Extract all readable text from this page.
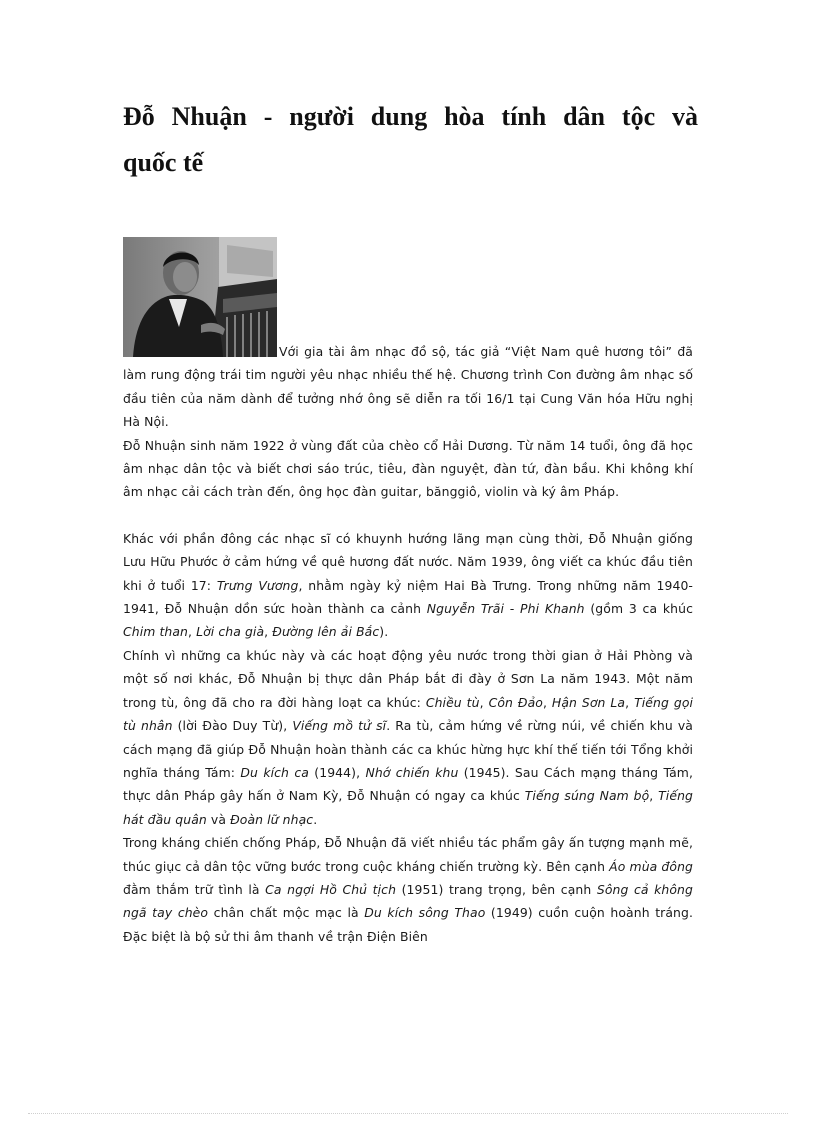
Đỗ Nhuận - người dung hòa tính dân tộc và
quốc tế

Với gia tài âm nhạc đồ sộ, tác giả “Việt Nam quê hương tôi” đã làm rung động trái tim người yêu nhạc nhiều thế hệ. Chương trình Con đường âm nhạc số đầu tiên của năm dành để tưởng nhớ ông sẽ diễn ra tối 16/1 tại Cung Văn hóa Hữu nghị Hà Nội.

Đỗ Nhuận sinh năm 1922 ở vùng đất của chèo cổ Hải Dương. Từ năm 14 tuổi, ông đã học âm nhạc dân tộc và biết chơi sáo trúc, tiêu, đàn nguyệt, đàn tứ, đàn bầu. Khi không khí âm nhạc cải cách tràn đến, ông học đàn guitar, bănggiô, violin và ký âm Pháp.

Khác với phần đông các nhạc sĩ có khuynh hướng lãng mạn cùng thời, Đỗ Nhuận giống Lưu Hữu Phước ở cảm hứng về quê hương đất nước. Năm 1939, ông viết ca khúc đầu tiên khi ở tuổi 17: Trưng Vương, nhằm ngày kỷ niệm Hai Bà Trưng. Trong những năm 1940-1941, Đỗ Nhuận dồn sức hoàn thành ca cảnh Nguyễn Trãi - Phi Khanh (gồm 3 ca khúc Chim than, Lời cha già, Đường lên ải Bắc).

Chính vì những ca khúc này và các hoạt động yêu nước trong thời gian ở Hải Phòng và một số nơi khác, Đỗ Nhuận bị thực dân Pháp bắt đi đày ở Sơn La năm 1943. Một năm trong tù, ông đã cho ra đời hàng loạt ca khúc: Chiều tù, Côn Đảo, Hận Sơn La, Tiếng gọi tù nhân (lời Đào Duy Từ), Viếng mồ tử sĩ. Ra tù, cảm hứng về rừng núi, về chiến khu và cách mạng đã giúp Đỗ Nhuận hoàn thành các ca khúc hừng hực khí thế tiến tới Tổng khởi nghĩa tháng Tám: Du kích ca (1944), Nhớ chiến khu (1945). Sau Cách mạng tháng Tám, thực dân Pháp gây hấn ở Nam Kỳ, Đỗ Nhuận có ngay ca khúc Tiếng súng Nam bộ, Tiếng hát đầu quân và Đoàn lữ nhạc.

Trong kháng chiến chống Pháp, Đỗ Nhuận đã viết nhiều tác phẩm gây ấn tượng mạnh mẽ, thúc giục cả dân tộc vững bước trong cuộc kháng chiến trường kỳ. Bên cạnh Áo mùa đông đằm thắm trữ tình là Ca ngợi Hồ Chủ tịch (1951) trang trọng, bên cạnh Sông cả không ngã tay chèo chân chất mộc mạc là Du kích sông Thao (1949) cuồn cuộn hoành tráng. Đặc biệt là bộ sử thi âm thanh về trận Điện Biên
